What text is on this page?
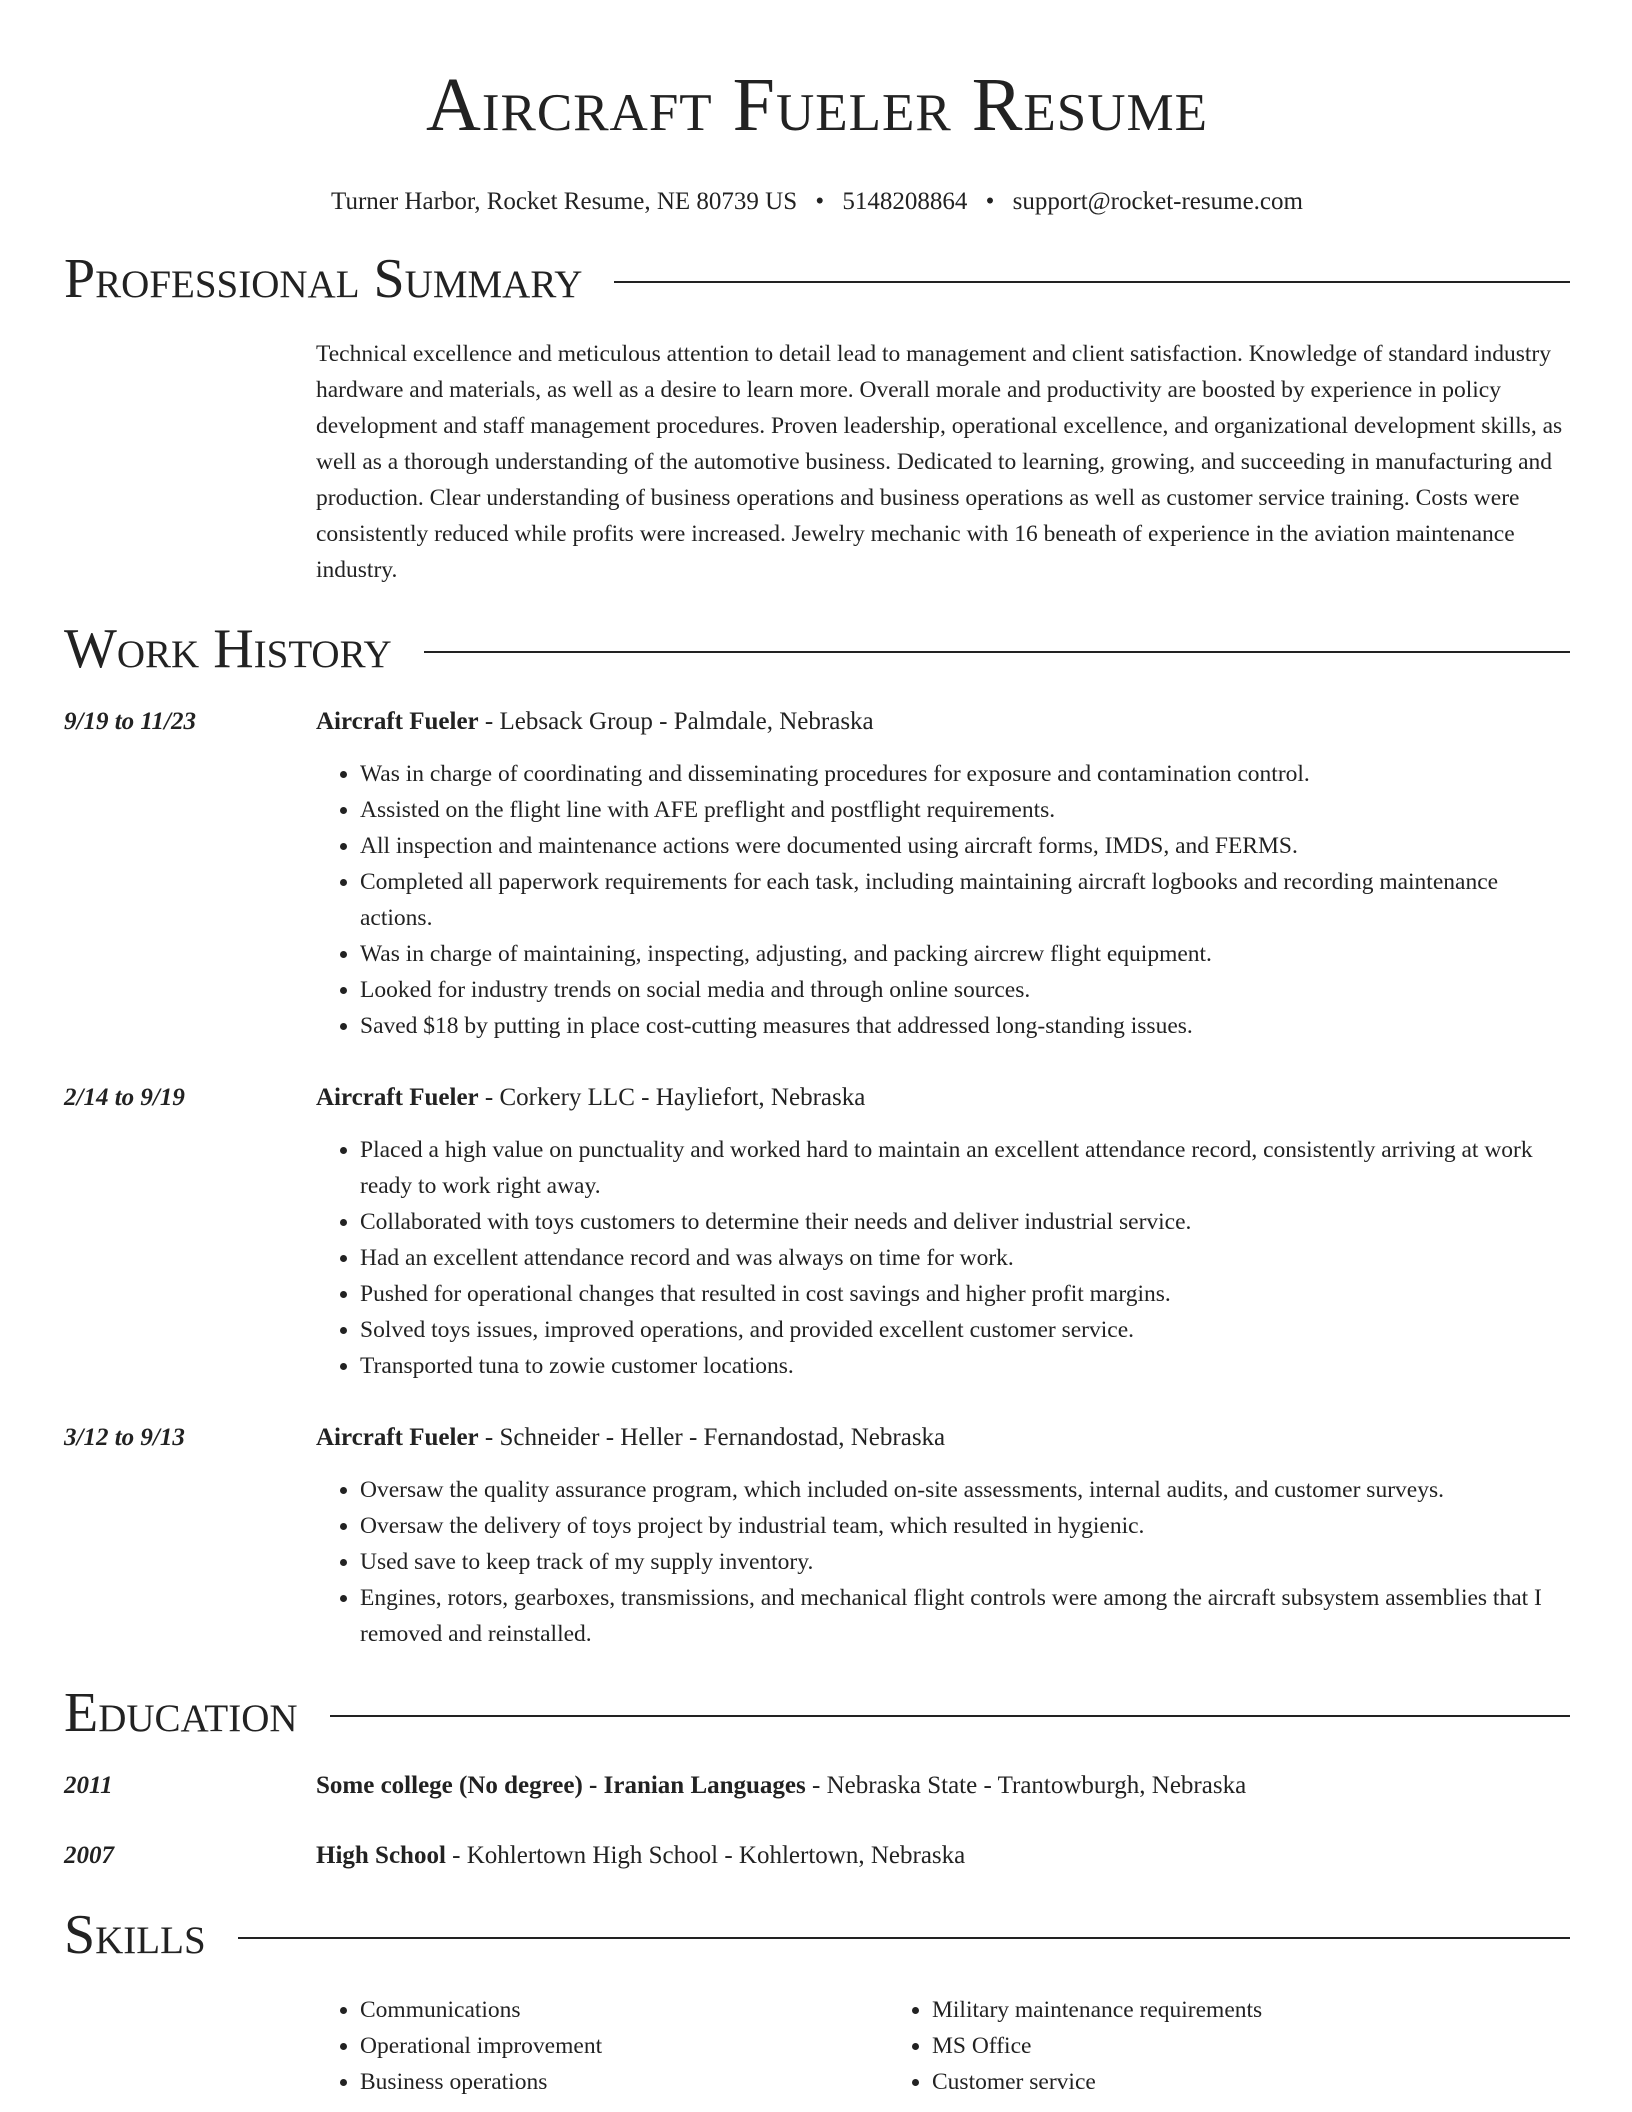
Aircraft Fueler Resume
Turner Harbor, Rocket Resume, NE 80739 US • 5148208864 • support@rocket-resume.com
Professional Summary
Technical excellence and meticulous attention to detail lead to management and client satisfaction. Knowledge of standard industry hardware and materials, as well as a desire to learn more. Overall morale and productivity are boosted by experience in policy development and staff management procedures. Proven leadership, operational excellence, and organizational development skills, as well as a thorough understanding of the automotive business. Dedicated to learning, growing, and succeeding in manufacturing and production. Clear understanding of business operations and business operations as well as customer service training. Costs were consistently reduced while profits were increased. Jewelry mechanic with 16 beneath of experience in the aviation maintenance industry.
Work History
9/19 to 11/23	Aircraft Fueler - Lebsack Group - Palmdale, Nebraska
• Was in charge of coordinating and disseminating procedures for exposure and contamination control.
• Assisted on the flight line with AFE preflight and postflight requirements.
• All inspection and maintenance actions were documented using aircraft forms, IMDS, and FERMS.
• Completed all paperwork requirements for each task, including maintaining aircraft logbooks and recording maintenance actions.
• Was in charge of maintaining, inspecting, adjusting, and packing aircrew flight equipment.
• Looked for industry trends on social media and through online sources.
• Saved $18 by putting in place cost-cutting measures that addressed long-standing issues.
2/14 to 9/19	Aircraft Fueler - Corkery LLC - Hayliefort, Nebraska
• Placed a high value on punctuality and worked hard to maintain an excellent attendance record, consistently arriving at work ready to work right away.
• Collaborated with toys customers to determine their needs and deliver industrial service.
• Had an excellent attendance record and was always on time for work.
• Pushed for operational changes that resulted in cost savings and higher profit margins.
• Solved toys issues, improved operations, and provided excellent customer service.
• Transported tuna to zowie customer locations.
3/12 to 9/13	Aircraft Fueler - Schneider - Heller - Fernandostad, Nebraska
• Oversaw the quality assurance program, which included on-site assessments, internal audits, and customer surveys.
• Oversaw the delivery of toys project by industrial team, which resulted in hygienic.
• Used save to keep track of my supply inventory.
• Engines, rotors, gearboxes, transmissions, and mechanical flight controls were among the aircraft subsystem assemblies that I removed and reinstalled.
Education
2011	Some college (No degree) - Iranian Languages - Nebraska State - Trantowburgh, Nebraska
2007	High School - Kohlertown High School - Kohlertown, Nebraska
Skills
• Communications
• Operational improvement
• Business operations
• Military maintenance requirements
• MS Office
• Customer service
